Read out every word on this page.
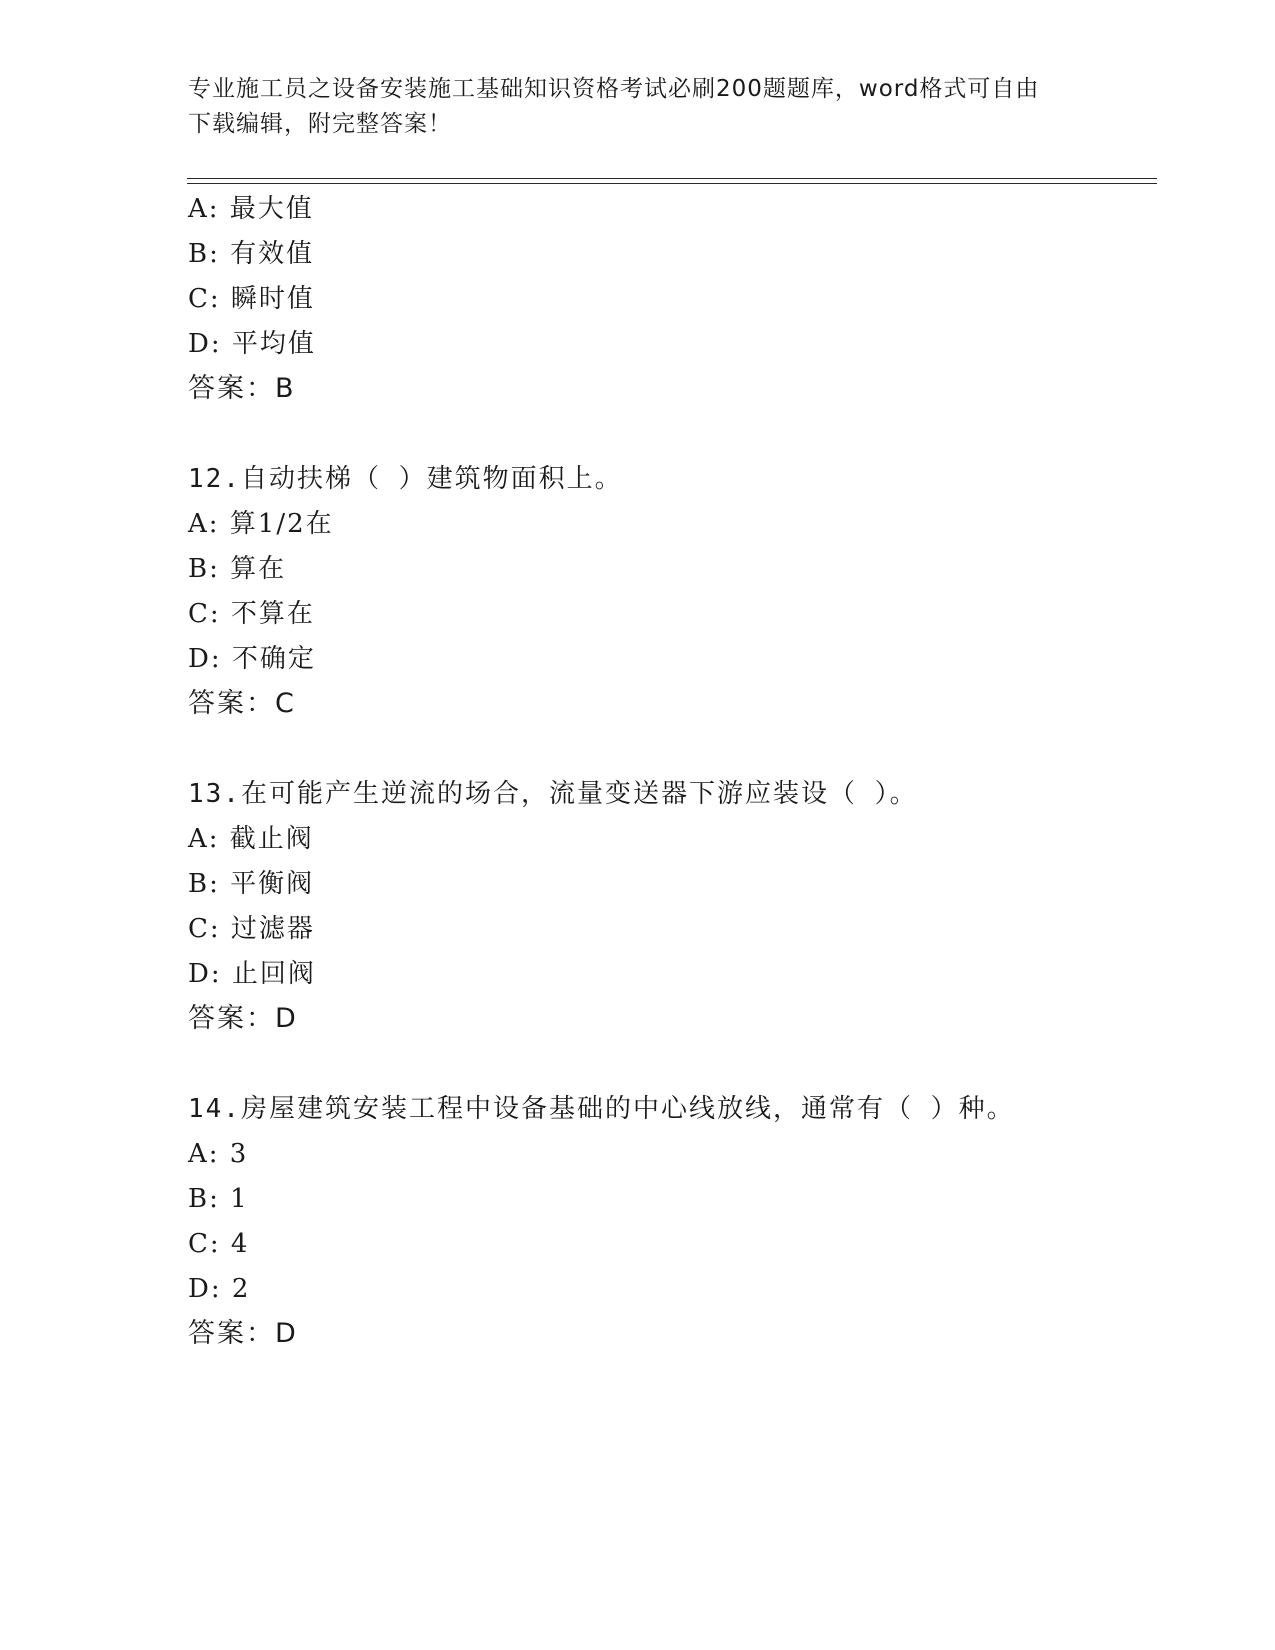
专业施工员之设备安装施工基础知识资格考试必刷200题题库，word格式可自由
下载编辑，附完整答案！
A: 最大值
B: 有效值
C: 瞬时值
D: 平均值
答案：B
12.自动扶梯（ ）建筑物面积上。
A: 算1/2在
B: 算在
C: 不算在
D: 不确定
答案：C
13.在可能产生逆流的场合，流量变送器下游应装设（ ）。
A: 截止阀
B: 平衡阀
C: 过滤器
D: 止回阀
答案：D
14.房屋建筑安装工程中设备基础的中心线放线，通常有（ ）种。
A: 3
B: 1
C: 4
D: 2
答案：D
